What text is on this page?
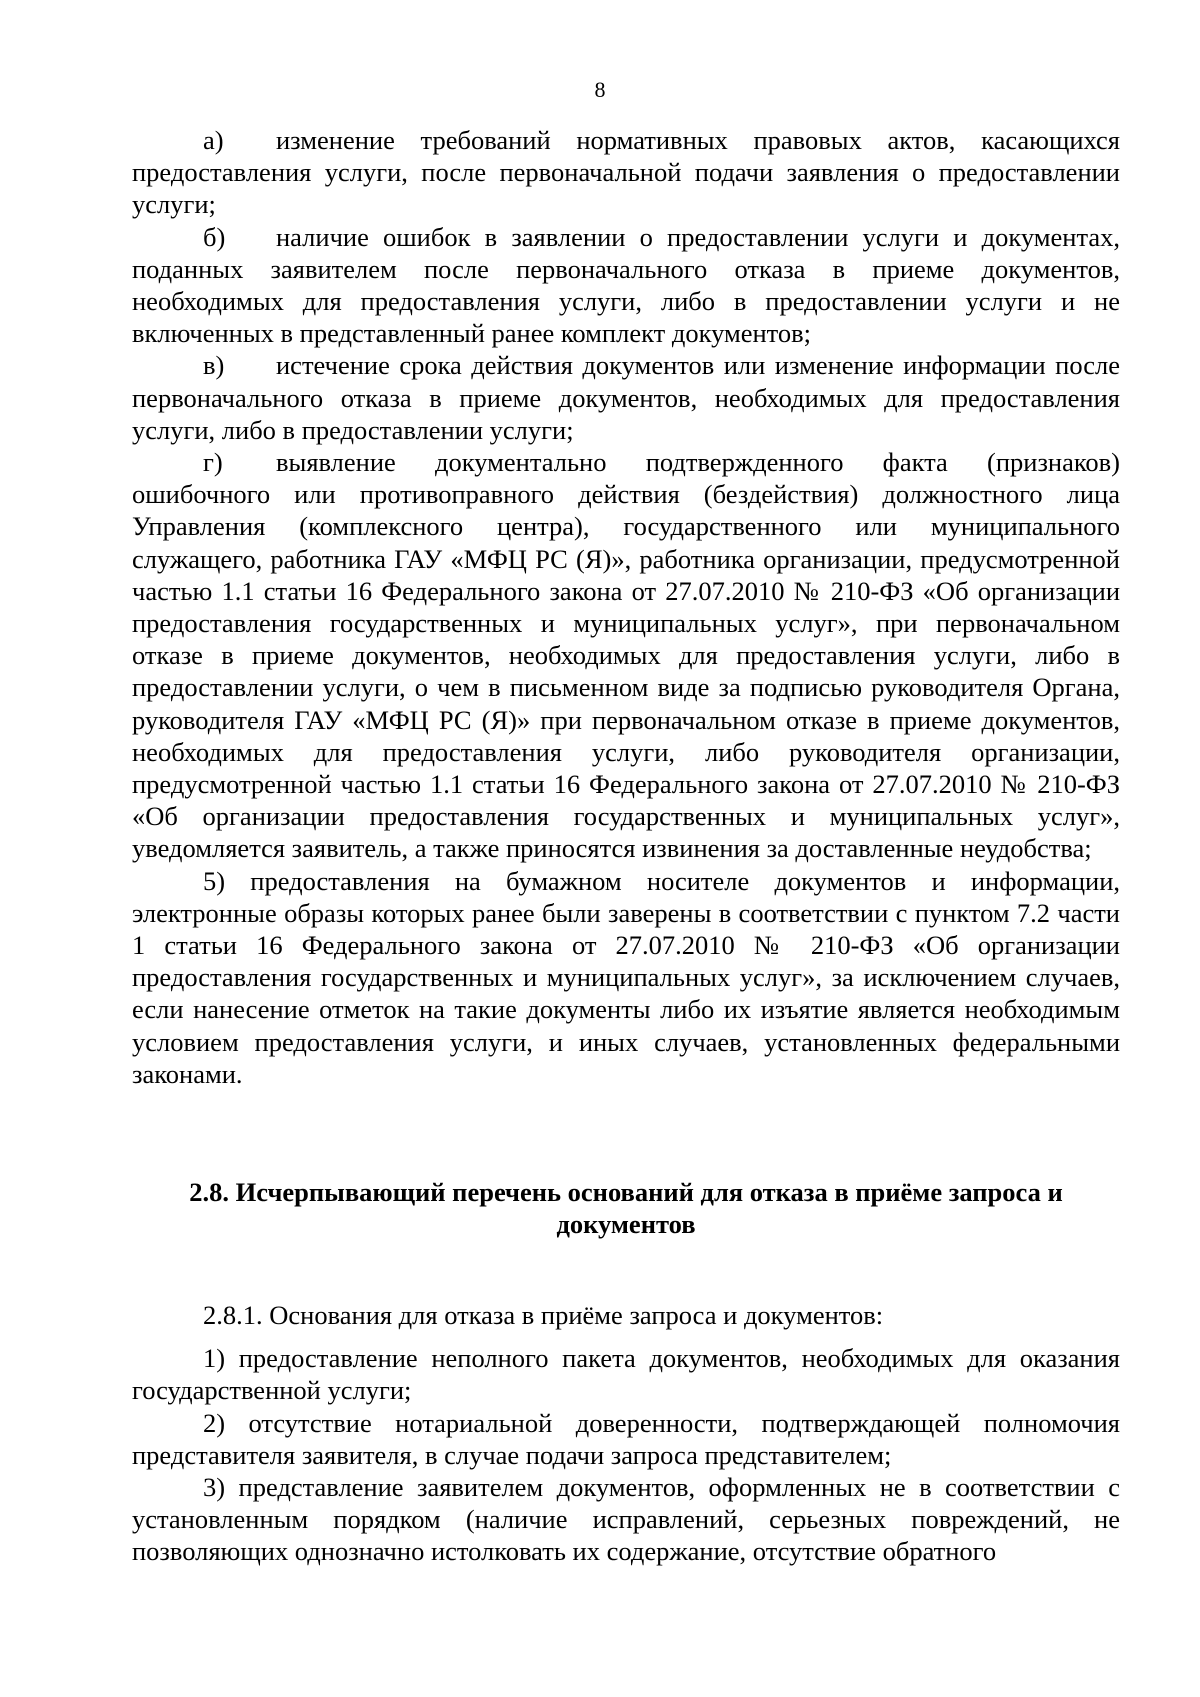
8

а) изменение требований нормативных правовых актов, касающихся предоставления услуги, после первоначальной подачи заявления о предоставлении услуги;

б) наличие ошибок в заявлении о предоставлении услуги и документах, поданных заявителем после первоначального отказа в приеме документов, необходимых для предоставления услуги, либо в предоставлении услуги и не включенных в представленный ранее комплект документов;

в) истечение срока действия документов или изменение информации после первоначального отказа в приеме документов, необходимых для предоставления услуги, либо в предоставлении услуги;

г) выявление документально подтвержденного факта (признаков) ошибочного или противоправного действия (бездействия) должностного лица Управления (комплексного центра), государственного или муниципального служащего, работника ГАУ «МФЦ РС (Я)», работника организации, предусмотренной частью 1.1 статьи 16 Федерального закона от 27.07.2010 № 210-ФЗ «Об организации предоставления государственных и муниципальных услуг», при первоначальном отказе в приеме документов, необходимых для предоставления услуги, либо в предоставлении услуги, о чем в письменном виде за подписью руководителя Органа, руководителя ГАУ «МФЦ РС (Я)» при первоначальном отказе в приеме документов, необходимых для предоставления услуги, либо руководителя организации, предусмотренной частью 1.1 статьи 16 Федерального закона от 27.07.2010 № 210-ФЗ «Об организации предоставления государственных и муниципальных услуг», уведомляется заявитель, а также приносятся извинения за доставленные неудобства;

5) предоставления на бумажном носителе документов и информации, электронные образы которых ранее были заверены в соответствии с пунктом 7.2 части 1 статьи 16 Федерального закона от 27.07.2010 № 210-ФЗ «Об организации предоставления государственных и муниципальных услуг», за исключением случаев, если нанесение отметок на такие документы либо их изъятие является необходимым условием предоставления услуги, и иных случаев, установленных федеральными законами.

2.8. Исчерпывающий перечень оснований для отказа в приёме запроса и
документов

2.8.1. Основания для отказа в приёме запроса и документов:

1) предоставление неполного пакета документов, необходимых для оказания государственной услуги;

2) отсутствие нотариальной доверенности, подтверждающей полномочия представителя заявителя, в случае подачи запроса представителем;

3) представление заявителем документов, оформленных не в соответствии с установленным порядком (наличие исправлений, серьезных повреждений, не позволяющих однозначно истолковать их содержание, отсутствие обратного
